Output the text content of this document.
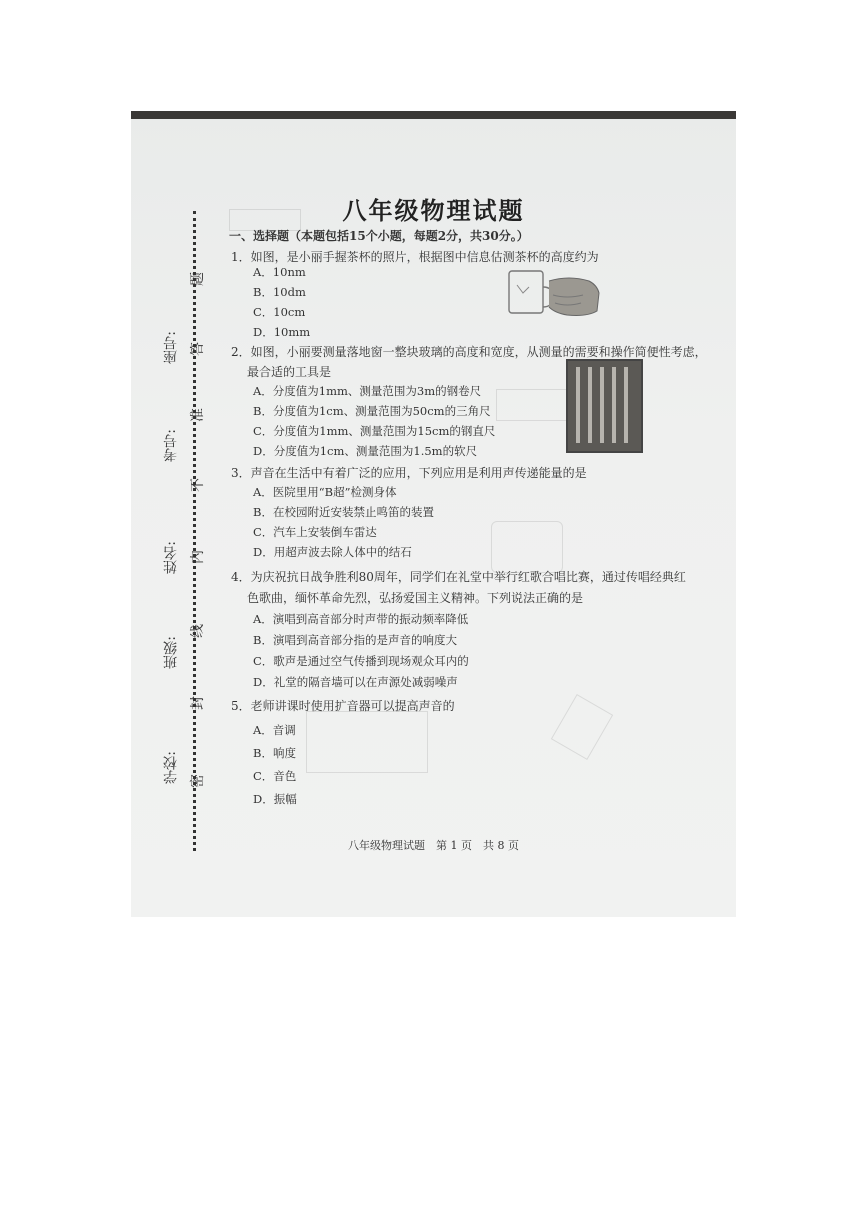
学校:
班级:
姓名:
考号:
座号:
密
封
线
内
不
准
答
题
八年级物理试题
一、选择题（本题包括15个小题，每题2分，共30分。）
1．如图，是小丽手握茶杯的照片，根据图中信息估测茶杯的高度约为
A．10nm
B．10dm
C．10cm
D．10mm
2．如图，小丽要测量落地窗一整块玻璃的高度和宽度，从测量的需要和操作简便性考虑，
最合适的工具是
A．分度值为1mm、测量范围为3m的钢卷尺
B．分度值为1cm、测量范围为50cm的三角尺
C．分度值为1mm、测量范围为15cm的钢直尺
D．分度值为1cm、测量范围为1.5m的软尺
3．声音在生活中有着广泛的应用，下列应用是利用声传递能量的是
A．医院里用“B超”检测身体
B．在校园附近安装禁止鸣笛的装置
C．汽车上安装倒车雷达
D．用超声波去除人体中的结石
4．为庆祝抗日战争胜利80周年，同学们在礼堂中举行红歌合唱比赛，通过传唱经典红
色歌曲，缅怀革命先烈，弘扬爱国主义精神。下列说法正确的是
A．演唱到高音部分时声带的振动频率降低
B．演唱到高音部分指的是声音的响度大
C．歌声是通过空气传播到现场观众耳内的
D．礼堂的隔音墙可以在声源处减弱噪声
5．老师讲课时使用扩音器可以提高声音的
A．音调
B．响度
C．音色
D．振幅
八年级物理试题　第 1 页　共 8 页
